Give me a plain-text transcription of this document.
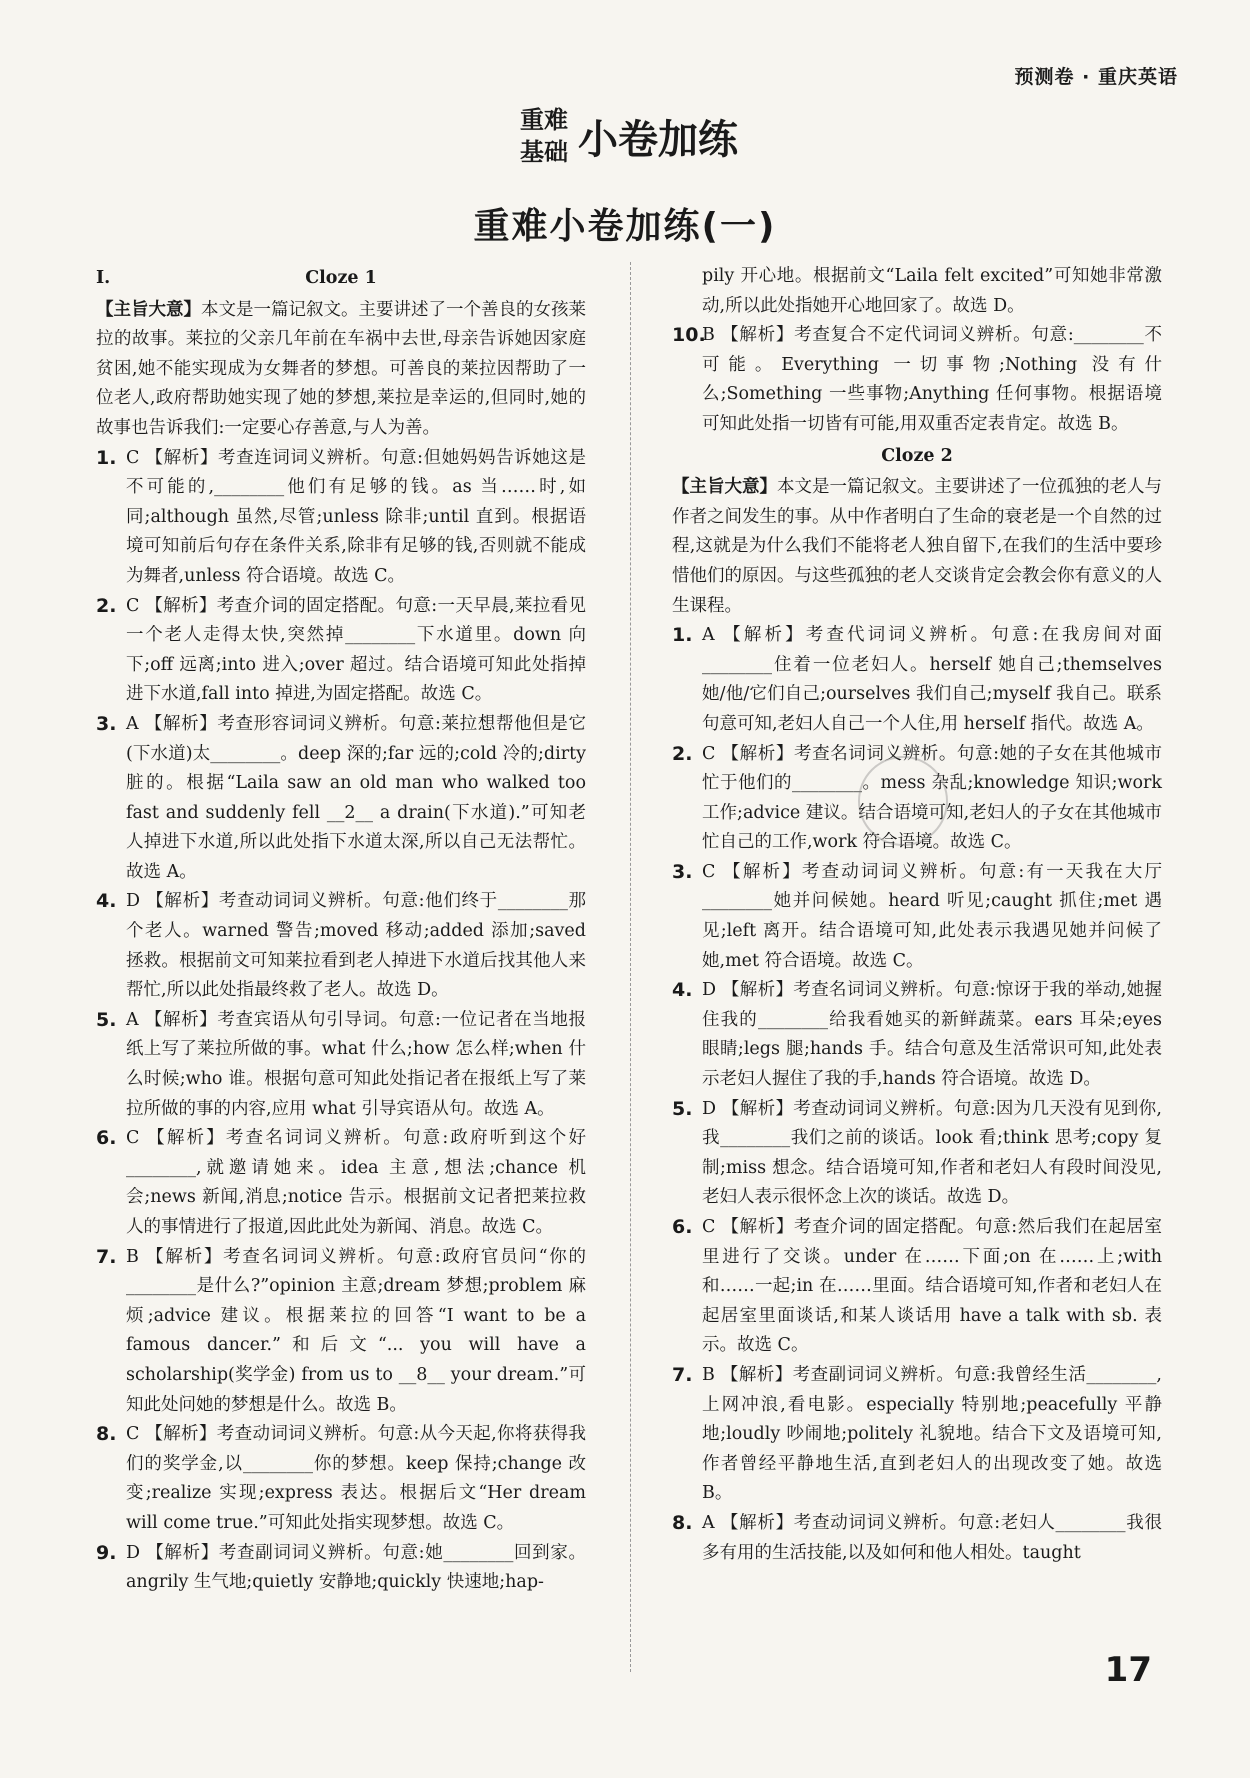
预测卷 · 重庆英语
重难
基础 小卷加练
重难小卷加练(一)
I.	Cloze 1
【主旨大意】本文是一篇记叙文。主要讲述了一个善良的女孩莱拉的故事。莱拉的父亲几年前在车祸中去世,母亲告诉她因家庭贫困,她不能实现成为女舞者的梦想。可善良的莱拉因帮助了一位老人,政府帮助她实现了她的梦想,莱拉是幸运的,但同时,她的故事也告诉我们:一定要心存善意,与人为善。
1. C 【解析】考查连词词义辨析。句意:但她妈妈告诉她这是不可能的,________他们有足够的钱。as 当……时,如同;although 虽然,尽管;unless 除非;until 直到。根据语境可知前后句存在条件关系,除非有足够的钱,否则就不能成为舞者,unless 符合语境。故选 C。
2. C 【解析】考查介词的固定搭配。句意:一天早晨,莱拉看见一个老人走得太快,突然掉________下水道里。down 向下;off 远离;into 进入;over 超过。结合语境可知此处指掉进下水道,fall into 掉进,为固定搭配。故选 C。
3. A 【解析】考查形容词词义辨析。句意:莱拉想帮他但是它(下水道)太________。deep 深的;far 远的;cold 冷的;dirty 脏的。根据“Laila saw an old man who walked too fast and suddenly fell __2__ a drain(下水道).”可知老人掉进下水道,所以此处指下水道太深,所以自己无法帮忙。故选 A。
4. D 【解析】考查动词词义辨析。句意:他们终于________那个老人。warned 警告;moved 移动;added 添加;saved 拯救。根据前文可知莱拉看到老人掉进下水道后找其他人来帮忙,所以此处指最终救了老人。故选 D。
5. A 【解析】考查宾语从句引导词。句意:一位记者在当地报纸上写了莱拉所做的事。what 什么;how 怎么样;when 什么时候;who 谁。根据句意可知此处指记者在报纸上写了莱拉所做的事的内容,应用 what 引导宾语从句。故选 A。
6. C 【解析】考查名词词义辨析。句意:政府听到这个好________,就邀请她来。idea 主意,想法;chance 机会;news 新闻,消息;notice 告示。根据前文记者把莱拉救人的事情进行了报道,因此此处为新闻、消息。故选 C。
7. B 【解析】考查名词词义辨析。句意:政府官员问“你的________是什么?”opinion 主意;dream 梦想;problem 麻烦;advice 建议。根据莱拉的回答“I want to be a famous dancer.”和后文“... you will have a scholarship(奖学金) from us to __8__ your dream.”可知此处问她的梦想是什么。故选 B。
8. C 【解析】考查动词词义辨析。句意:从今天起,你将获得我们的奖学金,以________你的梦想。keep 保持;change 改变;realize 实现;express 表达。根据后文“Her dream will come true.”可知此处指实现梦想。故选 C。
9. D 【解析】考查副词词义辨析。句意:她________回到家。angrily 生气地;quietly 安静地;quickly 快速地;hap-
pily 开心地。根据前文“Laila felt excited”可知她非常激动,所以此处指她开心地回家了。故选 D。
10.
B 【解析】考查复合不定代词词义辨析。句意:________不可能。Everything 一切事物;Nothing 没有什么;Something 一些事物;Anything 任何事物。根据语境可知此处指一切皆有可能,用双重否定表肯定。故选 B。
Cloze 2
【主旨大意】本文是一篇记叙文。主要讲述了一位孤独的老人与作者之间发生的事。从中作者明白了生命的衰老是一个自然的过程,这就是为什么我们不能将老人独自留下,在我们的生活中要珍惜他们的原因。与这些孤独的老人交谈肯定会教会你有意义的人生课程。
1. A 【解析】考查代词词义辨析。句意:在我房间对面________住着一位老妇人。herself 她自己;themselves 她/他/它们自己;ourselves 我们自己;myself 我自己。联系句意可知,老妇人自己一个人住,用 herself 指代。故选 A。
2. C 【解析】考查名词词义辨析。句意:她的子女在其他城市忙于他们的________。mess 杂乱;knowledge 知识;work 工作;advice 建议。结合语境可知,老妇人的子女在其他城市忙自己的工作,work 符合语境。故选 C。
3. C 【解析】考查动词词义辨析。句意:有一天我在大厅________她并问候她。heard 听见;caught 抓住;met 遇见;left 离开。结合语境可知,此处表示我遇见她并问候了她,met 符合语境。故选 C。
4. D 【解析】考查名词词义辨析。句意:惊讶于我的举动,她握住我的________给我看她买的新鲜蔬菜。ears 耳朵;eyes 眼睛;legs 腿;hands 手。结合句意及生活常识可知,此处表示老妇人握住了我的手,hands 符合语境。故选 D。
5. D 【解析】考查动词词义辨析。句意:因为几天没有见到你,我________我们之前的谈话。look 看;think 思考;copy 复制;miss 想念。结合语境可知,作者和老妇人有段时间没见,老妇人表示很怀念上次的谈话。故选 D。
6. C 【解析】考查介词的固定搭配。句意:然后我们在起居室里进行了交谈。under 在……下面;on 在……上;with 和……一起;in 在……里面。结合语境可知,作者和老妇人在起居室里面谈话,和某人谈话用 have a talk with sb. 表示。故选 C。
7. B 【解析】考查副词词义辨析。句意:我曾经生活________,上网冲浪,看电影。especially 特别地;peacefully 平静地;loudly 吵闹地;politely 礼貌地。结合下文及语境可知,作者曾经平静地生活,直到老妇人的出现改变了她。故选 B。
8. A 【解析】考查动词词义辨析。句意:老妇人________我很多有用的生活技能,以及如何和他人相处。taught
17
